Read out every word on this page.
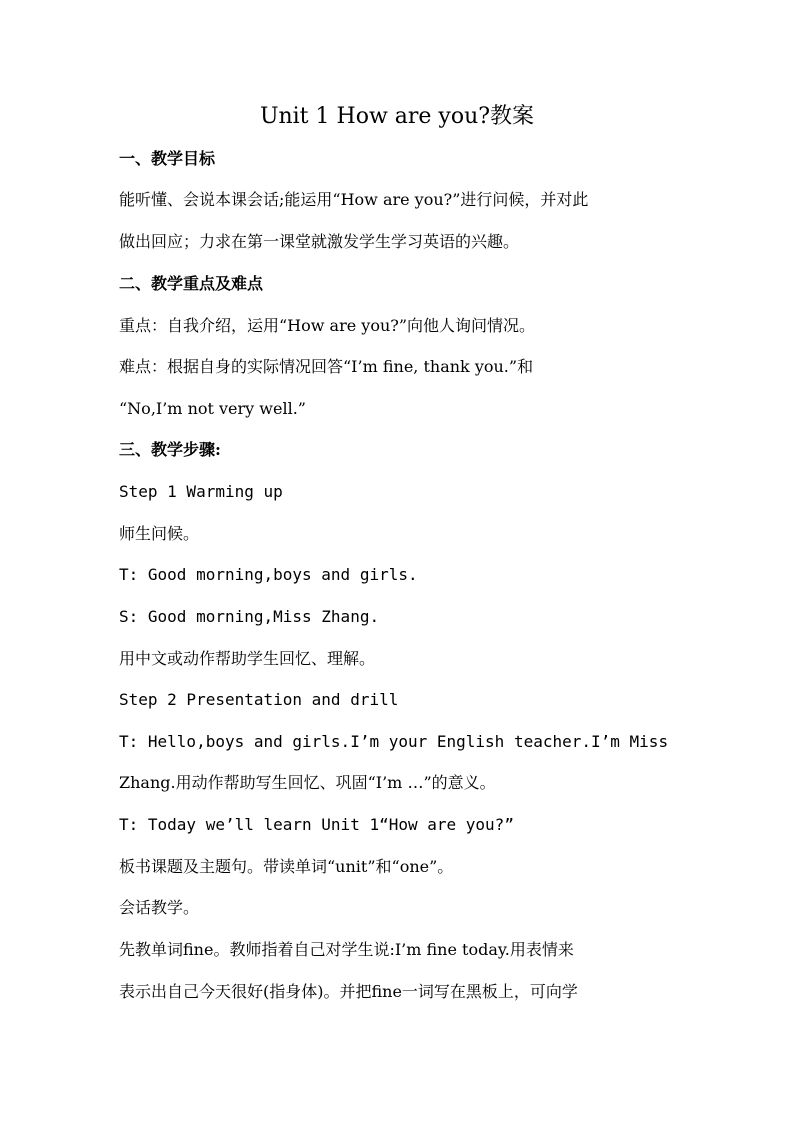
Unit 1 How are you?教案
一、教学目标
能听懂、会说本课会话;能运用“How are you?”进行问候，并对此
做出回应；力求在第一课堂就激发学生学习英语的兴趣。
二、教学重点及难点
重点：自我介绍，运用“How are you?”向他人询问情况。
难点：根据自身的实际情况回答“I’m fine, thank you.”和
“No,I’m not very well.”
三、教学步骤:
Step 1 Warming up
师生问候。
T: Good morning,boys and girls.
S: Good morning,Miss Zhang.
用中文或动作帮助学生回忆、理解。
Step 2 Presentation and drill
T: Hello,boys and girls.I’m your English teacher.I’m Miss
Zhang.用动作帮助写生回忆、巩固“I’m …”的意义。
T: Today we’ll learn Unit 1“How are you?”
板书课题及主题句。带读单词“unit”和“one”。
会话教学。
先教单词fine。教师指着自己对学生说:I’m fine today.用表情来
表示出自己今天很好(指身体)。并把fine一词写在黑板上，可向学
